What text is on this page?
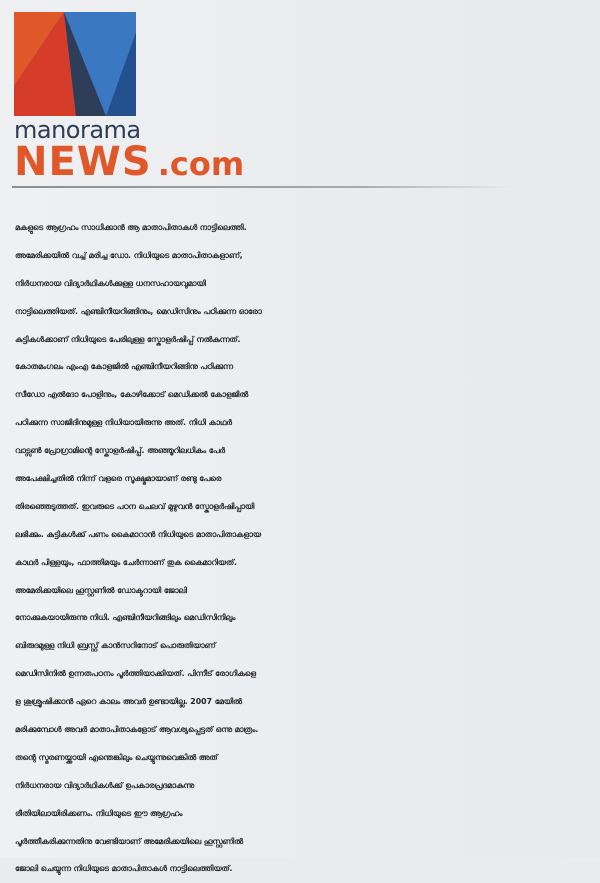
manorama
NEWS .com
മകളുടെ ആഗ്രഹം സാധിക്കാൻ ആ മാതാപിതാകൾ നാട്ടിലെത്തി.
അമേരിക്കയിൽ വച്ച് മരിച്ച ഡോ. നിധിയുടെ മാതാപിതാകളാണ്,
നിർധനരായ വിദ്യാർഥികൾക്കുള്ള ധനസഹായവുമായി
നാട്ടിലെത്തിയത്. എഞ്ചിനീയറിങ്ങിനും, മെഡിസിനും പഠിക്കുന്ന ഓരോ
കുട്ടികൾക്കാണ് നിധിയുടെ പേരിലുള്ള സ്കോളർഷിപ്പ് നൽകുന്നത്.
കോതമംഗലം എംഎ കോളജിൽ എഞ്ചിനീയറിങ്ങിനു പഠിക്കുന്ന
സീഡോ എൽദോ പോളിനും, കോഴിക്കോട് മെഡിക്കൽ കോളജിൽ
പഠിക്കുന്ന സാജിദിനുമുള്ള നിധിയായിരുന്നു അത്. നിധി കാഥർ
വാട്സൺ പ്രോഗ്രാമിന്റെ സ്കോളർഷിപ്പ്. അഞ്ഞൂറിലധികം പേർ
അപേക്ഷിച്ചതിൽ നിന്ന് വളരെ സൂക്ഷ്മമായാണ് രണ്ടു പേരെ
തിരഞ്ഞെടുത്തത്. ഇവരുടെ പഠന ചെലവ് മുഴുവൻ സ്കോളർഷിപ്പായി
ലഭിക്കും. കുട്ടികൾക്ക് പണം കൈമാറാൻ നിധിയുടെ മാതാപിതാകളായ
കാഥർ പിള്ളയും, ഫാത്തിമയും ചേർന്നാണ് തുക കൈമാറിയത്.
അമേരിക്കയിലെ ഹൂസ്റ്റണിൽ ഡോക്ടറായി ജോലി
നോക്കുകയായിരുന്നു നിധി. എഞ്ചിനീയറിങ്ങിലും മെഡിസിനിലും
ബിരുദമുള്ള നിധി ബ്രസ്റ്റ് കാൻസറിനോട് പൊരുതിയാണ്
മെഡിസിനിൽ ഉന്നതപഠനം പൂർത്തിയാക്കിയത്. പിന്നീട് രോഗികളെ
ള ശുശ്രൂഷിക്കാൻ ഏറെ കാലം അവർ ഉണ്ടായില്ല. 2007 മേയിൽ
മരിക്കുമ്പോൾ അവർ മാതാപിതാകളോട് ആവശ്യപ്പെട്ടത് ഒന്നു മാത്രം.
തന്റെ സ്മരണയ്ക്കായി എന്തെങ്കിലും ചെയ്യുന്നുവെങ്കിൽ അത്
നിർധനരായ വിദ്യാർഥികൾക്ക് ഉപകാരപ്രദമാകുന്നു
രീതിയിലായിരിക്കണം. നിധിയുടെ ഈ ആഗ്രഹം
പൂർത്തീകരിക്കുന്നതിനു വേണ്ടിയാണ് അമേരിക്കയിലെ ഹൂസ്റ്റണിൽ
ജോലി ചെയ്യുന്ന നിധിയുടെ മാതാപിതാകൾ നാട്ടിലെത്തിയത്.
